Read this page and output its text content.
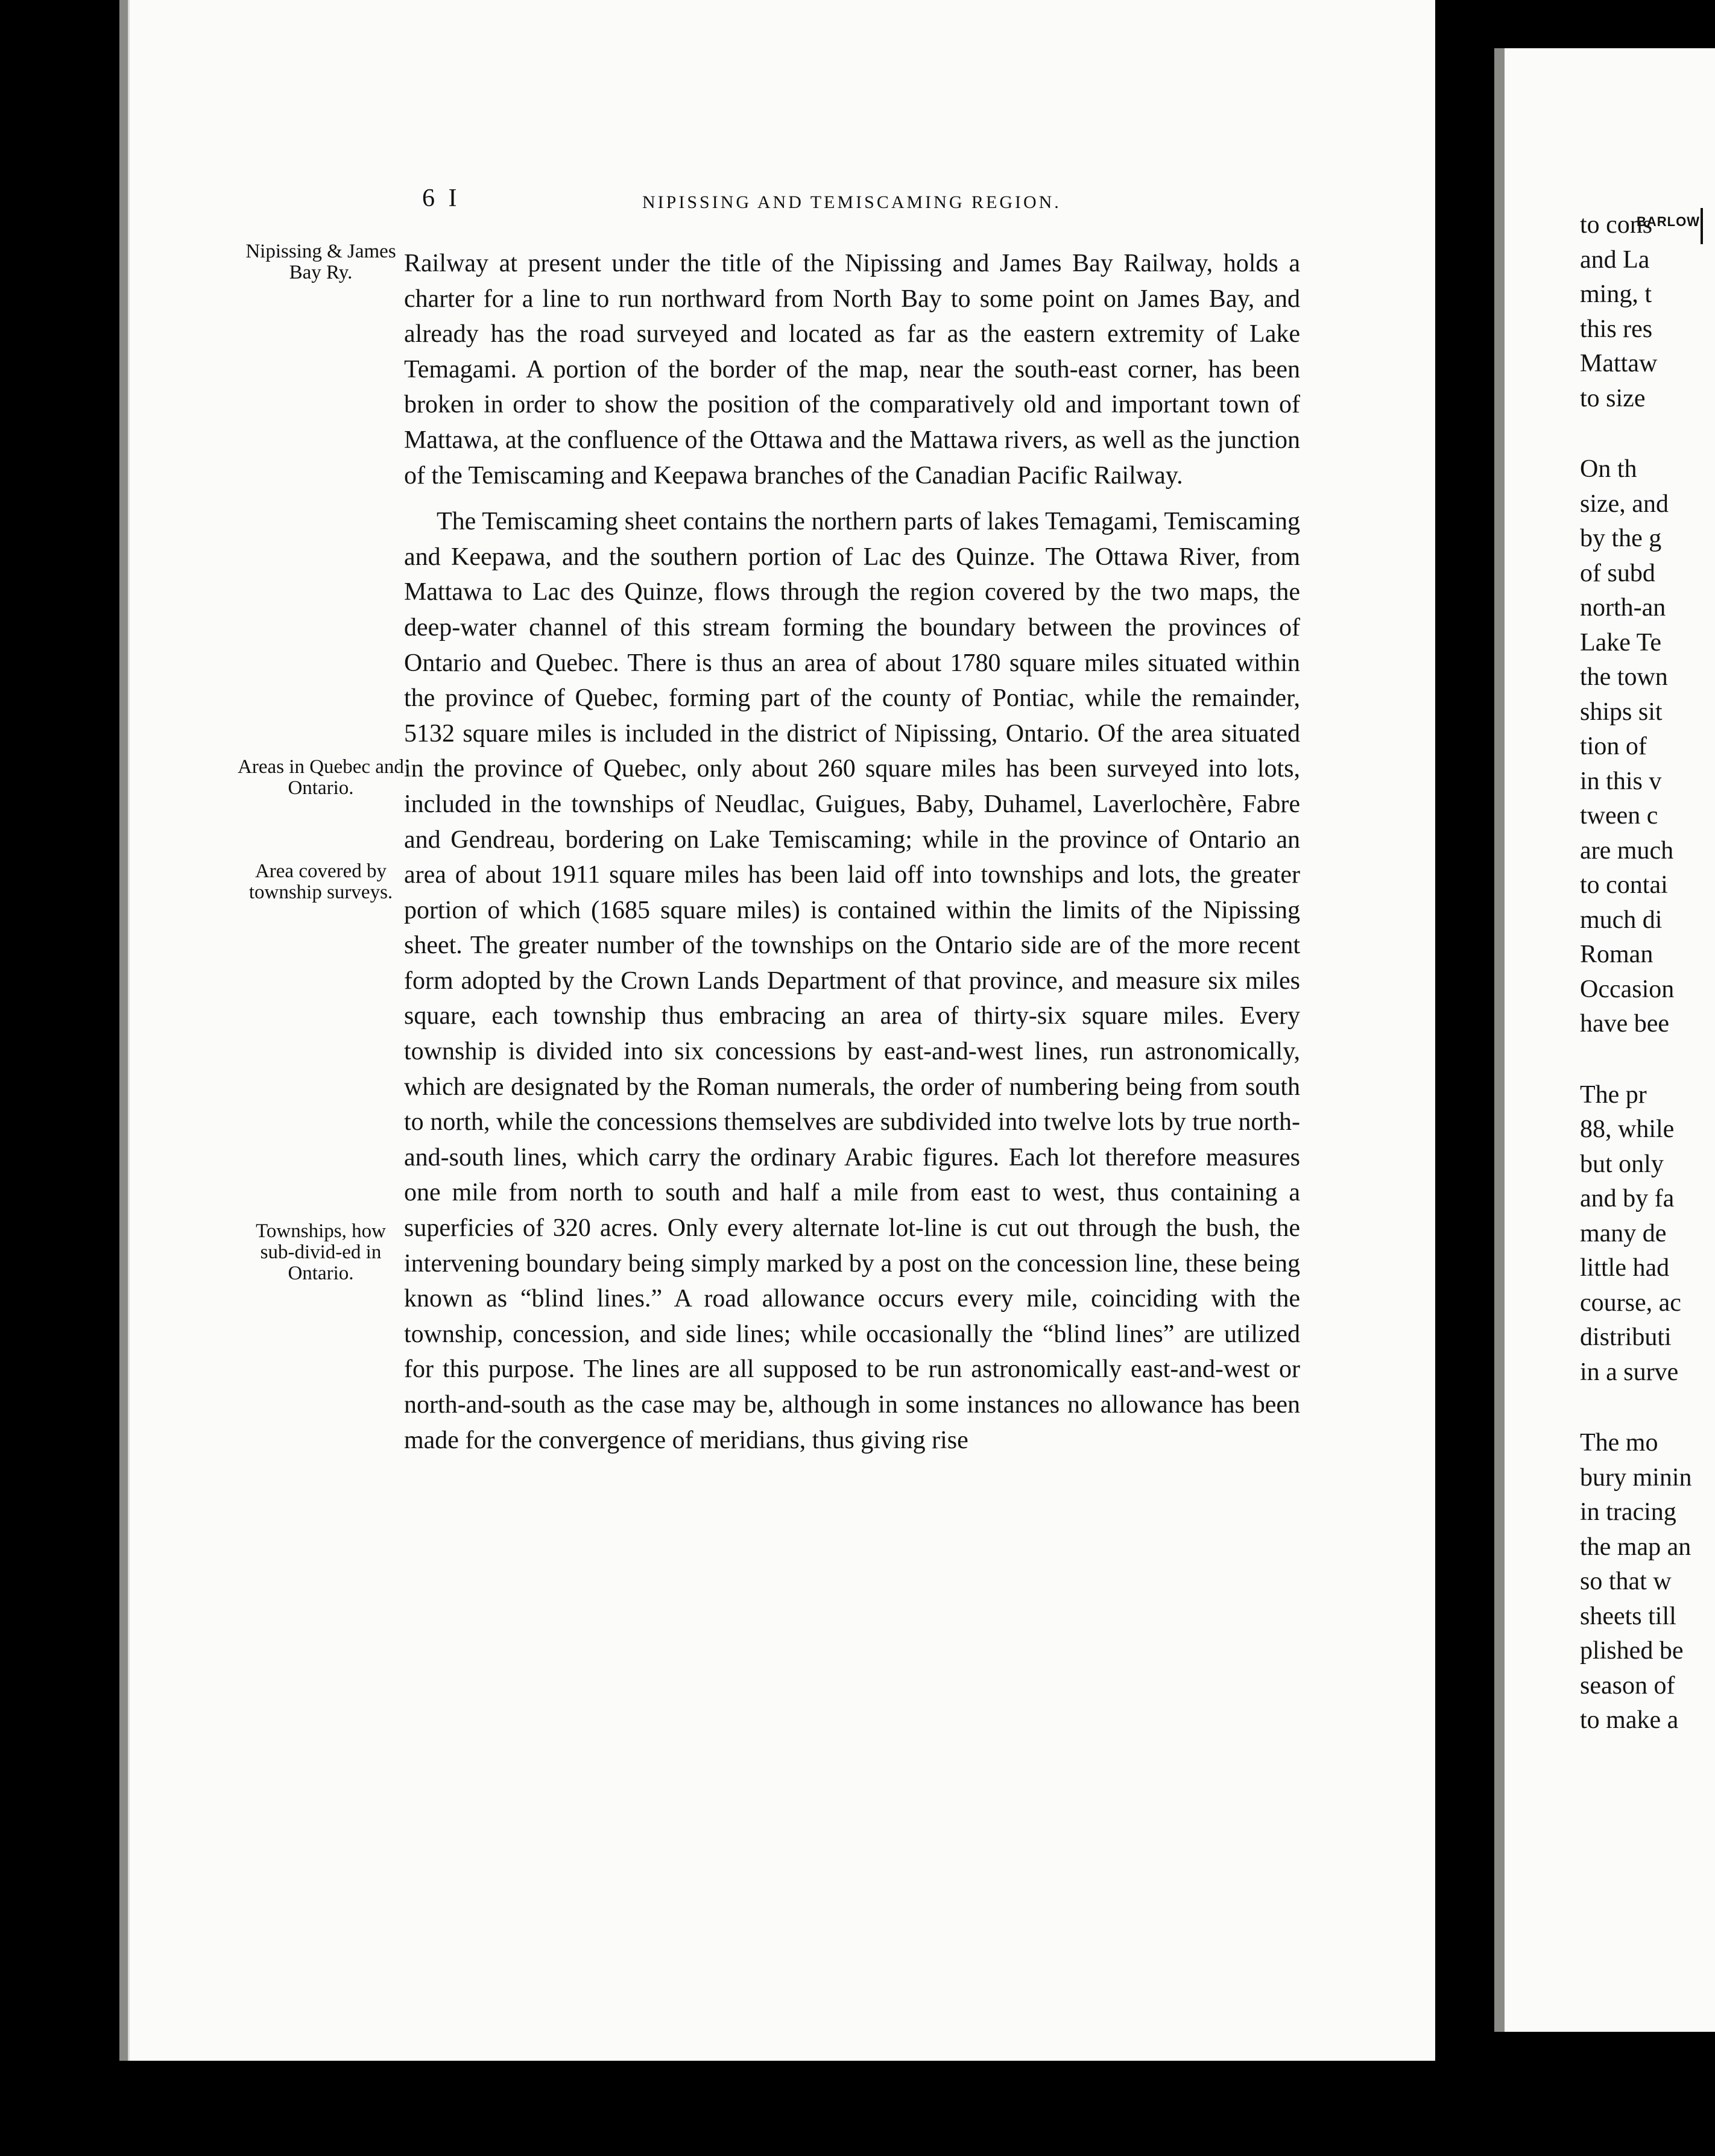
6 I	NIPISSING AND TEMISCAMING REGION.
Nipissing & James Bay Ry.
Areas in Quebec and Ontario.
Area covered by township surveys.
Townships, how sub-divid-ed in Ontario.

Railway at present under the title of the Nipissing and James Bay Railway, holds a charter for a line to run northward from North Bay to some point on James Bay, and already has the road surveyed and located as far as the eastern extremity of Lake Temagami. A portion of the border of the map, near the south-east corner, has been broken in order to show the position of the comparatively old and important town of Mattawa, at the confluence of the Ottawa and the Mattawa rivers, as well as the junction of the Temiscaming and Keepawa branches of the Canadian Pacific Railway.

The Temiscaming sheet contains the northern parts of lakes Temagami, Temiscaming and Keepawa, and the southern portion of Lac des Quinze. The Ottawa River, from Mattawa to Lac des Quinze, flows through the region covered by the two maps, the deep-water channel of this stream forming the boundary between the provinces of Ontario and Quebec. There is thus an area of about 1780 square miles situated within the province of Quebec, forming part of the county of Pontiac, while the remainder, 5132 square miles is included in the district of Nipissing, Ontario. Of the area situated in the province of Quebec, only about 260 square miles has been surveyed into lots, included in the townships of Neudlac, Guigues, Baby, Duhamel, Laverlochère, Fabre and Gendreau, bordering on Lake Temiscaming; while in the province of Ontario an area of about 1911 square miles has been laid off into townships and lots, the greater portion of which (1685 square miles) is contained within the limits of the Nipissing sheet. The greater number of the townships on the Ontario side are of the more recent form adopted by the Crown Lands Department of that province, and measure six miles square, each township thus embracing an area of thirty-six square miles. Every township is divided into six concessions by east-and-west lines, run astronomically, which are designated by the Roman numerals, the order of numbering being from south to north, while the concessions themselves are subdivided into twelve lots by true north-and-south lines, which carry the ordinary Arabic figures. Each lot therefore measures one mile from north to south and half a mile from east to west, thus containing a superficies of 320 acres. Only every alternate lot-line is cut out through the bush, the intervening boundary being simply marked by a post on the concession line, these being known as “blind lines.” A road allowance occurs every mile, coinciding with the township, concession, and side lines; while occasionally the “blind lines” are utilized for this purpose. The lines are all supposed to be run astronomically east-and-west or north-and-south as the case may be, although in some instances no allowance has been made for the convergence of meridians, thus giving rise

BARLOW
to cons
and La
ming, t
this res
Mattaw
to size
On th
size, and
by the g
of subd
north-an
Lake Te
the town
ships sit
tion of
in this v
tween c
are much
to contai
much di
Roman
Occasion
have bee
The pr
88, while
but only
and by fa
many de
little had
course, ac
distributi
in a surve
The mo
bury minin
in tracing
the map an
so that w
sheets till
plished be
season of
to make a
